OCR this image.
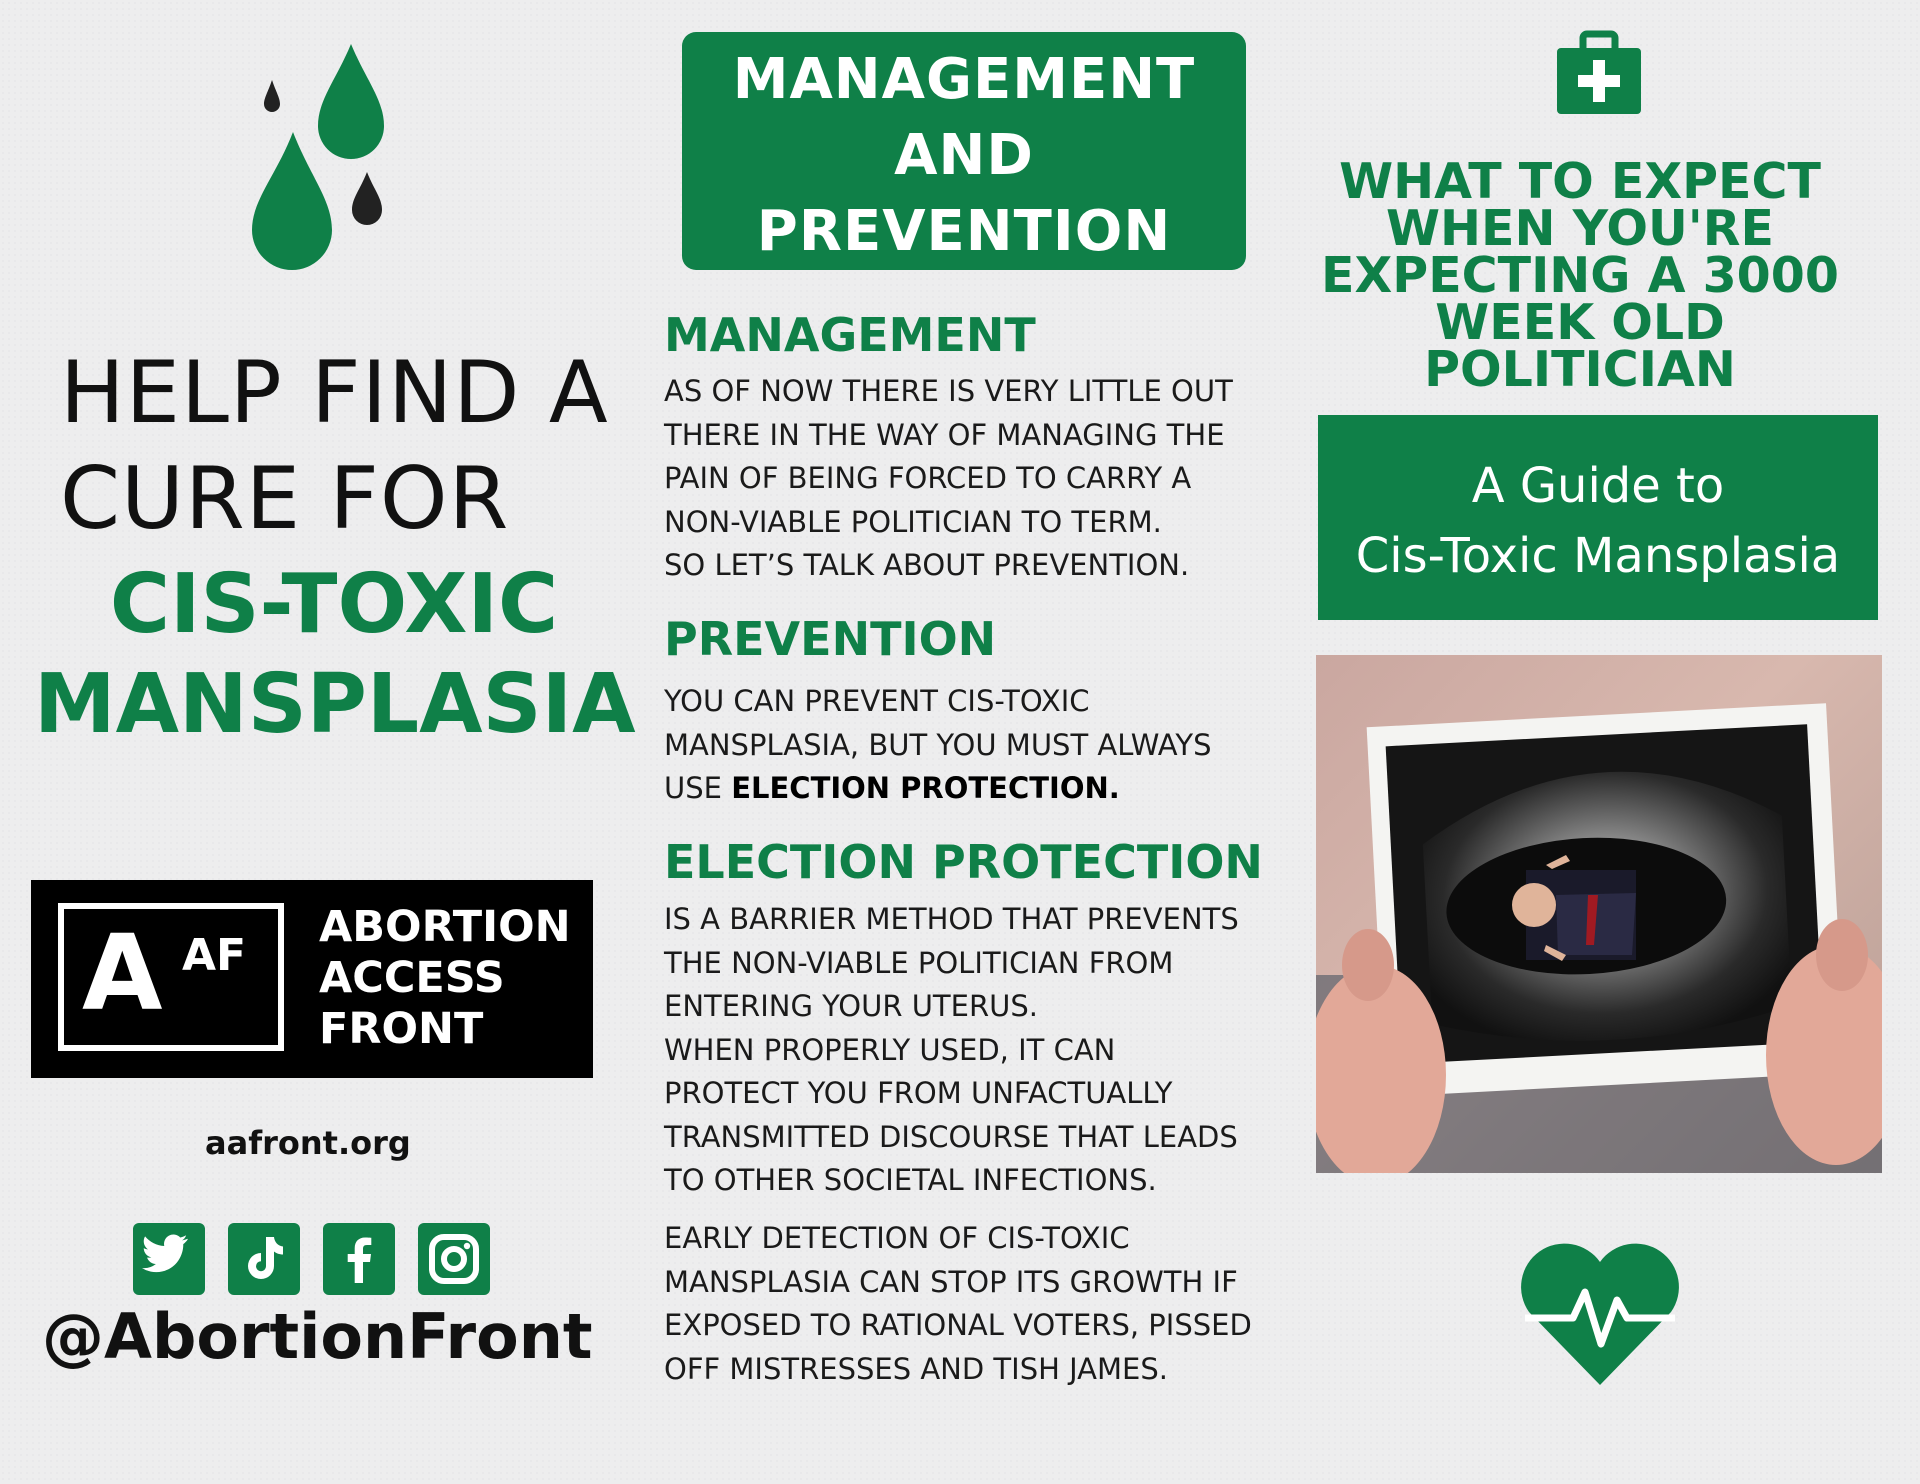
HELP FIND A
CURE FOR
CIS-TOXIC
MANSPLASIA
A AF
ABORTION
ACCESS
FRONT
aafront.org

@AbortionFront
MANAGEMENT
AND
PREVENTION
MANAGEMENT
AS OF NOW THERE IS VERY LITTLE OUT
THERE IN THE WAY OF MANAGING THE
PAIN OF BEING FORCED TO CARRY A
NON-VIABLE POLITICIAN TO TERM.
SO LET’S TALK ABOUT PREVENTION.
PREVENTION
YOU CAN PREVENT CIS-TOXIC
MANSPLASIA, BUT YOU MUST ALWAYS
USE ELECTION PROTECTION.
ELECTION PROTECTION
IS A BARRIER METHOD THAT PREVENTS
THE NON-VIABLE POLITICIAN FROM
ENTERING YOUR UTERUS.
WHEN PROPERLY USED, IT CAN
PROTECT YOU FROM UNFACTUALLY
TRANSMITTED DISCOURSE THAT LEADS
TO OTHER SOCIETAL INFECTIONS.
EARLY DETECTION OF CIS-TOXIC
MANSPLASIA CAN STOP ITS GROWTH IF
EXPOSED TO RATIONAL VOTERS, PISSED
OFF MISTRESSES AND TISH JAMES.
WHAT TO EXPECT
WHEN YOU'RE
EXPECTING A 3000
WEEK OLD
POLITICIAN
A Guide to
Cis-Toxic Mansplasia
